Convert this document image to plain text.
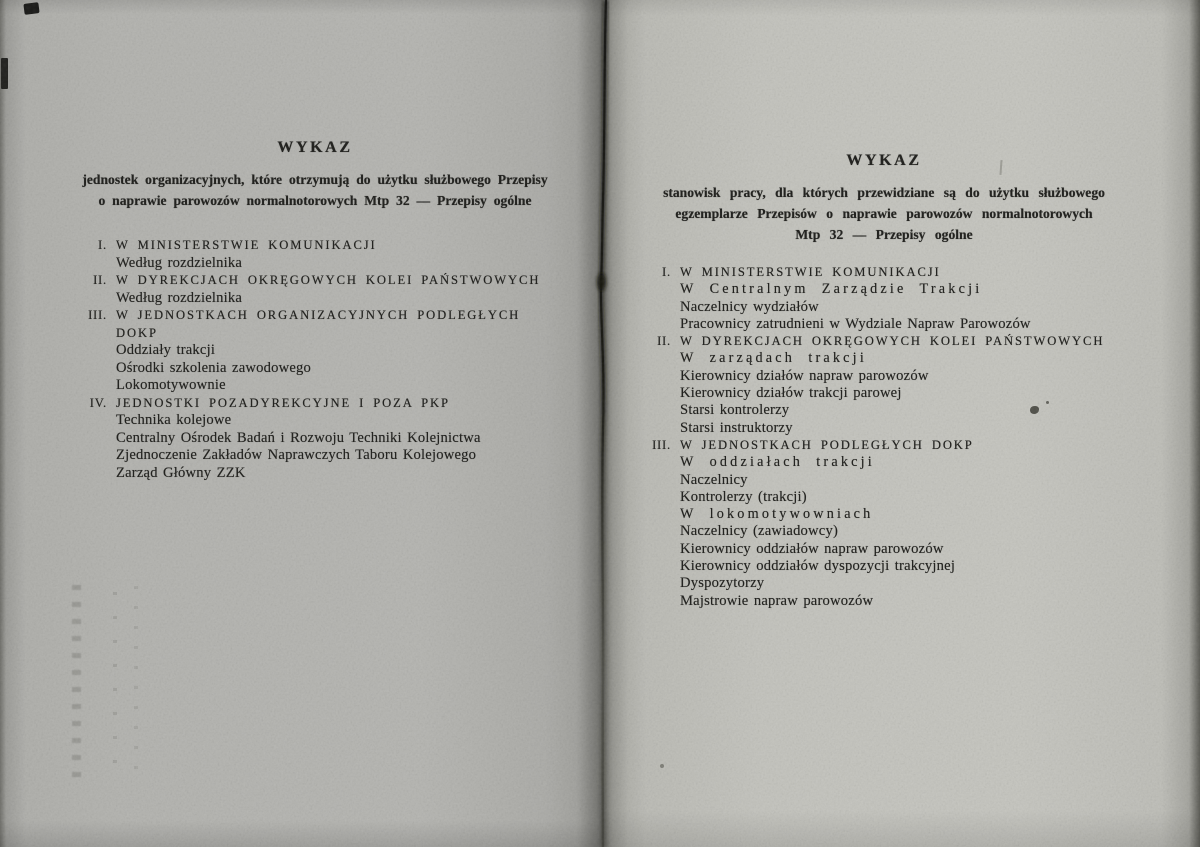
WYKAZ
jednostek organizacyjnych, które otrzymują do użytku służbowego Przepisy
o naprawie parowozów normalnotorowych Mtp 32 — Przepisy ogólne
I. W MINISTERSTWIE KOMUNIKACJI
Według rozdzielnika
II. W DYREKCJACH OKRĘGOWYCH KOLEI PAŃSTWOWYCH
Według rozdzielnika
III. W JEDNOSTKACH ORGANIZACYJNYCH PODLEGŁYCH DOKP
Oddziały trakcji
Ośrodki szkolenia zawodowego
Lokomotywownie
IV. JEDNOSTKI POZADYREKCYJNE I POZA PKP
Technika kolejowe
Centralny Ośrodek Badań i Rozwoju Techniki Kolejnictwa
Zjednoczenie Zakładów Naprawczych Taboru Kolejowego
Zarząd Główny ZZK
WYKAZ
stanowisk pracy, dla których przewidziane są do użytku służbowego
egzemplarze Przepisów o naprawie parowozów normalnotorowych
Mtp 32 — Przepisy ogólne
I. W MINISTERSTWIE KOMUNIKACJI
W Centralnym Zarządzie Trakcji
Naczelnicy wydziałów
Pracownicy zatrudnieni w Wydziale Napraw Parowozów
II. W DYREKCJACH OKRĘGOWYCH KOLEI PAŃSTWOWYCH
W zarządach trakcji
Kierownicy działów napraw parowozów
Kierownicy działów trakcji parowej
Starsi kontrolerzy
Starsi instruktorzy
III. W JEDNOSTKACH PODLEGŁYCH DOKP
W oddziałach trakcji
Naczelnicy
Kontrolerzy (trakcji)
W lokomotywowniach
Naczelnicy (zawiadowcy)
Kierownicy oddziałów napraw parowozów
Kierownicy oddziałów dyspozycji trakcyjnej
Dyspozytorzy
Majstrowie napraw parowozów
